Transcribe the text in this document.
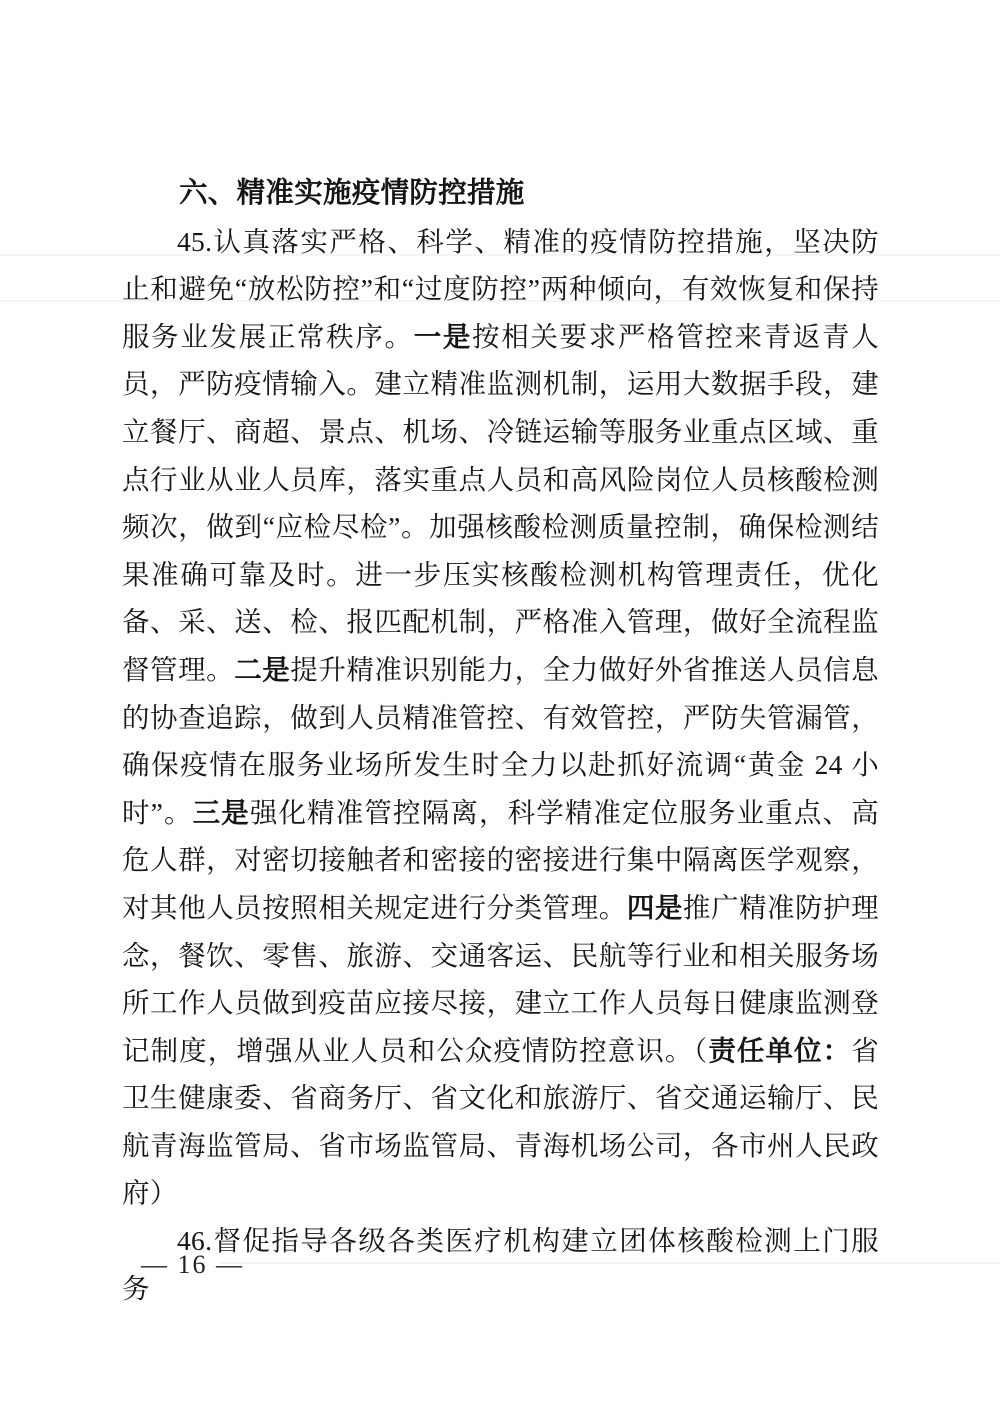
六、精准实施疫情防控措施

45.认真落实严格、科学、精准的疫情防控措施，坚决防止和避免“放松防控”和“过度防控”两种倾向，有效恢复和保持服务业发展正常秩序。一是按相关要求严格管控来青返青人员，严防疫情输入。建立精准监测机制，运用大数据手段，建立餐厅、商超、景点、机场、冷链运输等服务业重点区域、重点行业从业人员库，落实重点人员和高风险岗位人员核酸检测频次，做到“应检尽检”。加强核酸检测质量控制，确保检测结果准确可靠及时。进一步压实核酸检测机构管理责任，优化备、采、送、检、报匹配机制，严格准入管理，做好全流程监督管理。二是提升精准识别能力，全力做好外省推送人员信息的协查追踪，做到人员精准管控、有效管控，严防失管漏管，确保疫情在服务业场所发生时全力以赴抓好流调“黄金 24 小时”。三是强化精准管控隔离，科学精准定位服务业重点、高危人群，对密切接触者和密接的密接进行集中隔离医学观察，对其他人员按照相关规定进行分类管理。四是推广精准防护理念，餐饮、零售、旅游、交通客运、民航等行业和相关服务场所工作人员做到疫苗应接尽接，建立工作人员每日健康监测登记制度，增强从业人员和公众疫情防控意识。（责任单位：省卫生健康委、省商务厅、省文化和旅游厅、省交通运输厅、民航青海监管局、省市场监管局、青海机场公司，各市州人民政府）

46.督促指导各级各类医疗机构建立团体核酸检测上门服务

— 16 —
